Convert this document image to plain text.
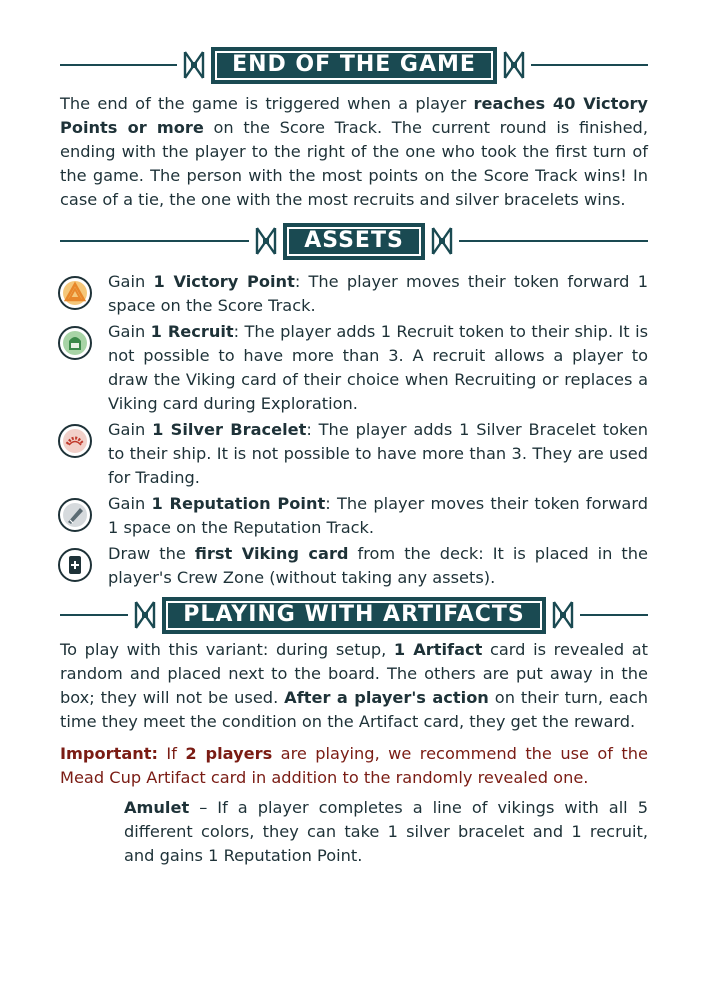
END OF THE GAME

The end of the game is triggered when a player reaches 40 Victory Points or more on the Score Track. The current round is finished, ending with the player to the right of the one who took the first turn of the game. The person with the most points on the Score Track wins! In case of a tie, the one with the most recruits and silver bracelets wins.

ASSETS
Gain 1 Victory Point: The player moves their token forward 1 space on the Score Track.
Gain 1 Recruit: The player adds 1 Recruit token to their ship. It is not possible to have more than 3. A recruit allows a player to draw the Viking card of their choice when Recruiting or replaces a Viking card during Exploration.
Gain 1 Silver Bracelet: The player adds 1 Silver Bracelet token to their ship. It is not possible to have more than 3. They are used for Trading.
Gain 1 Reputation Point: The player moves their token forward 1 space on the Reputation Track.
Draw the first Viking card from the deck: It is placed in the player's Crew Zone (without taking any assets).
PLAYING WITH ARTIFACTS

To play with this variant: during setup, 1 Artifact card is revealed at random and placed next to the board. The others are put away in the box; they will not be used. After a player's action on their turn, each time they meet the condition on the Artifact card, they get the reward.

Important: If 2 players are playing, we recommend the use of the Mead Cup Artifact card in addition to the randomly revealed one.

Amulet – If a player completes a line of vikings with all 5 different colors, they can take 1 silver bracelet and 1 recruit, and gains 1 Reputation Point.
